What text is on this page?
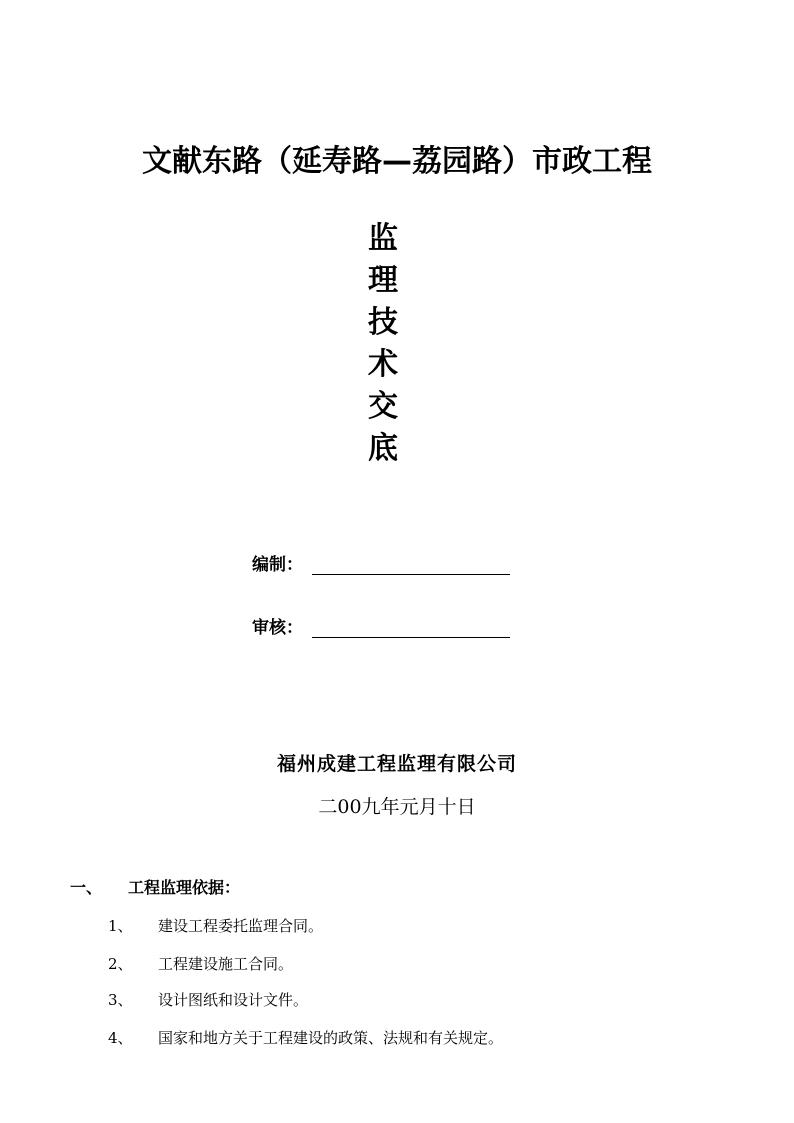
文献东路（延寿路—荔园路）市政工程
监
理
技
术
交
底
编制：
审核：
福州成建工程监理有限公司
二00九年元月十日
一、	工程监理依据：
1、	建设工程委托监理合同。
2、	工程建设施工合同。
3、	设计图纸和设计文件。
4、	国家和地方关于工程建设的政策、法规和有关规定。
